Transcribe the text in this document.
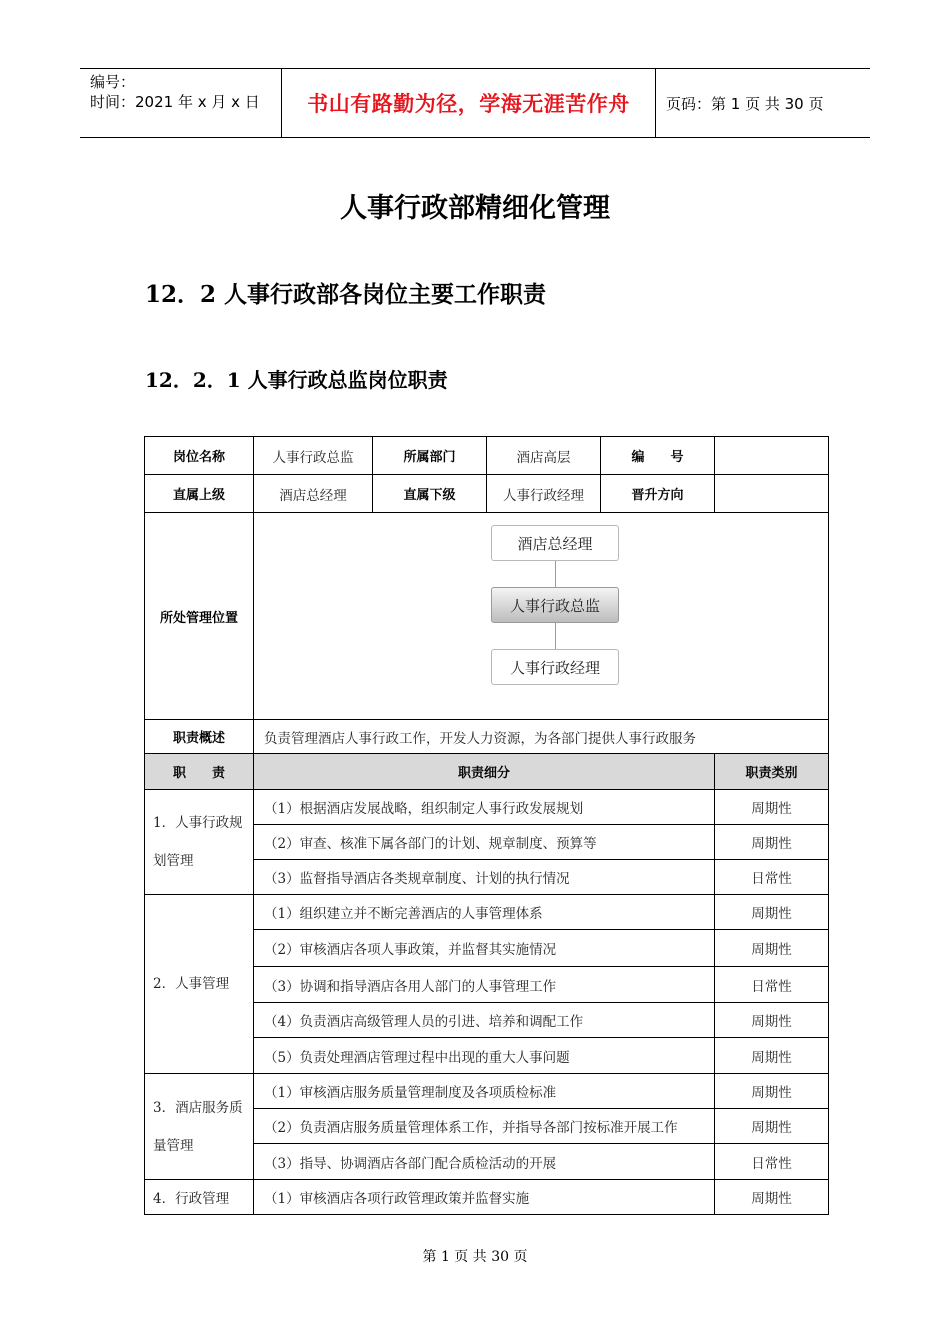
编号：
时间：2021 年 x 月 x 日	书山有路勤为径，学海无涯苦作舟	页码：第 1 页 共 30 页
人事行政部精细化管理
12．2 人事行政部各岗位主要工作职责
12．2．1 人事行政总监岗位职责
岗位名称	人事行政总监	所属部门	酒店高层	编　　号	
直属上级	酒店总经理	直属下级	人事行政经理	晋升方向	
所处管理位置	酒店总经理
人事行政总监
人事行政经理				

职责概述	负责管理酒店人事行政工作，开发人力资源，为各部门提供人事行政服务				
职　　责	职责细分				职责类别
1．人事行政规划管理	（1）根据酒店发展战略，组织制定人事行政发展规划				周期性
	（2）审查、核准下属各部门的计划、规章制度、预算等				周期性
	（3）监督指导酒店各类规章制度、计划的执行情况				日常性
2．人事管理	（1）组织建立并不断完善酒店的人事管理体系				周期性
	（2）审核酒店各项人事政策，并监督其实施情况				周期性
	（3）协调和指导酒店各用人部门的人事管理工作				日常性
	（4）负责酒店高级管理人员的引进、培养和调配工作				周期性
	（5）负责处理酒店管理过程中出现的重大人事问题				周期性
3．酒店服务质量管理	（1）审核酒店服务质量管理制度及各项质检标准				周期性
	（2）负责酒店服务质量管理体系工作，并指导各部门按标准开展工作				周期性
	（3）指导、协调酒店各部门配合质检活动的开展				日常性
4．行政管理	（1）审核酒店各项行政管理政策并监督实施				周期性
第 1 页 共 30 页
